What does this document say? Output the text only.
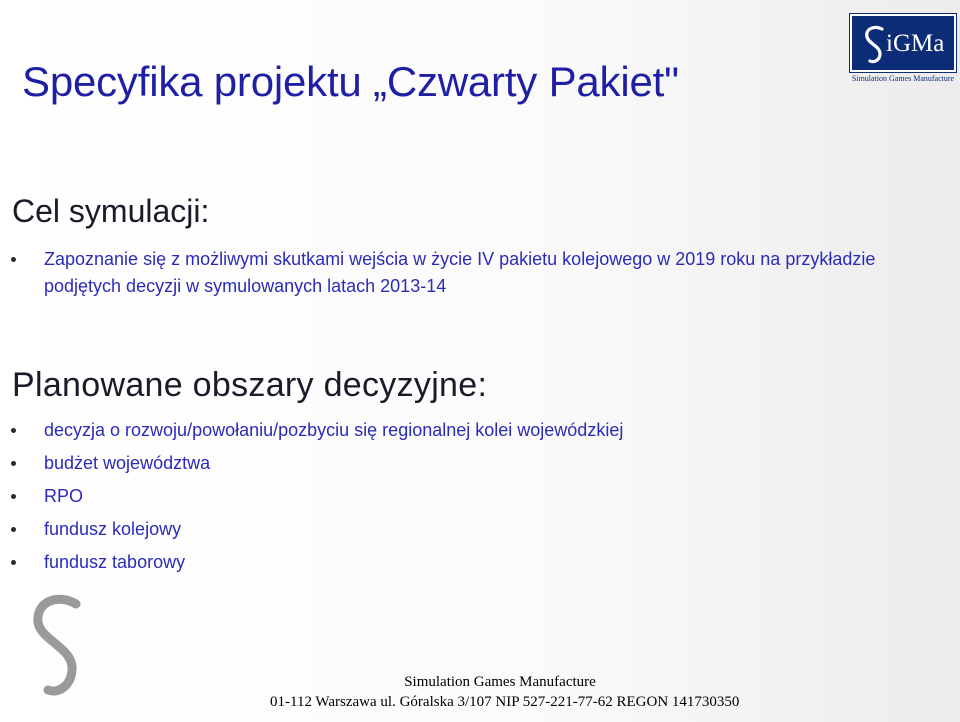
Specyfika projektu „Czwarty Pakiet"
iGMa
Simulation Games Manufacture
Cel symulacji:
Zapoznanie się z możliwymi skutkami wejścia w życie IV pakietu kolejowego w 2019 roku na przykładzie podjętych decyzji w symulowanych latach 2013-14
Planowane obszary decyzyjne:
decyzja o rozwoju/powołaniu/pozbyciu się regionalnej kolei wojewódzkiej
budżet województwa
RPO
fundusz kolejowy
fundusz taborowy
Simulation Games Manufacture
01-112 Warszawa ul. Góralska 3/107 NIP 527-221-77-62 REGON 141730350
